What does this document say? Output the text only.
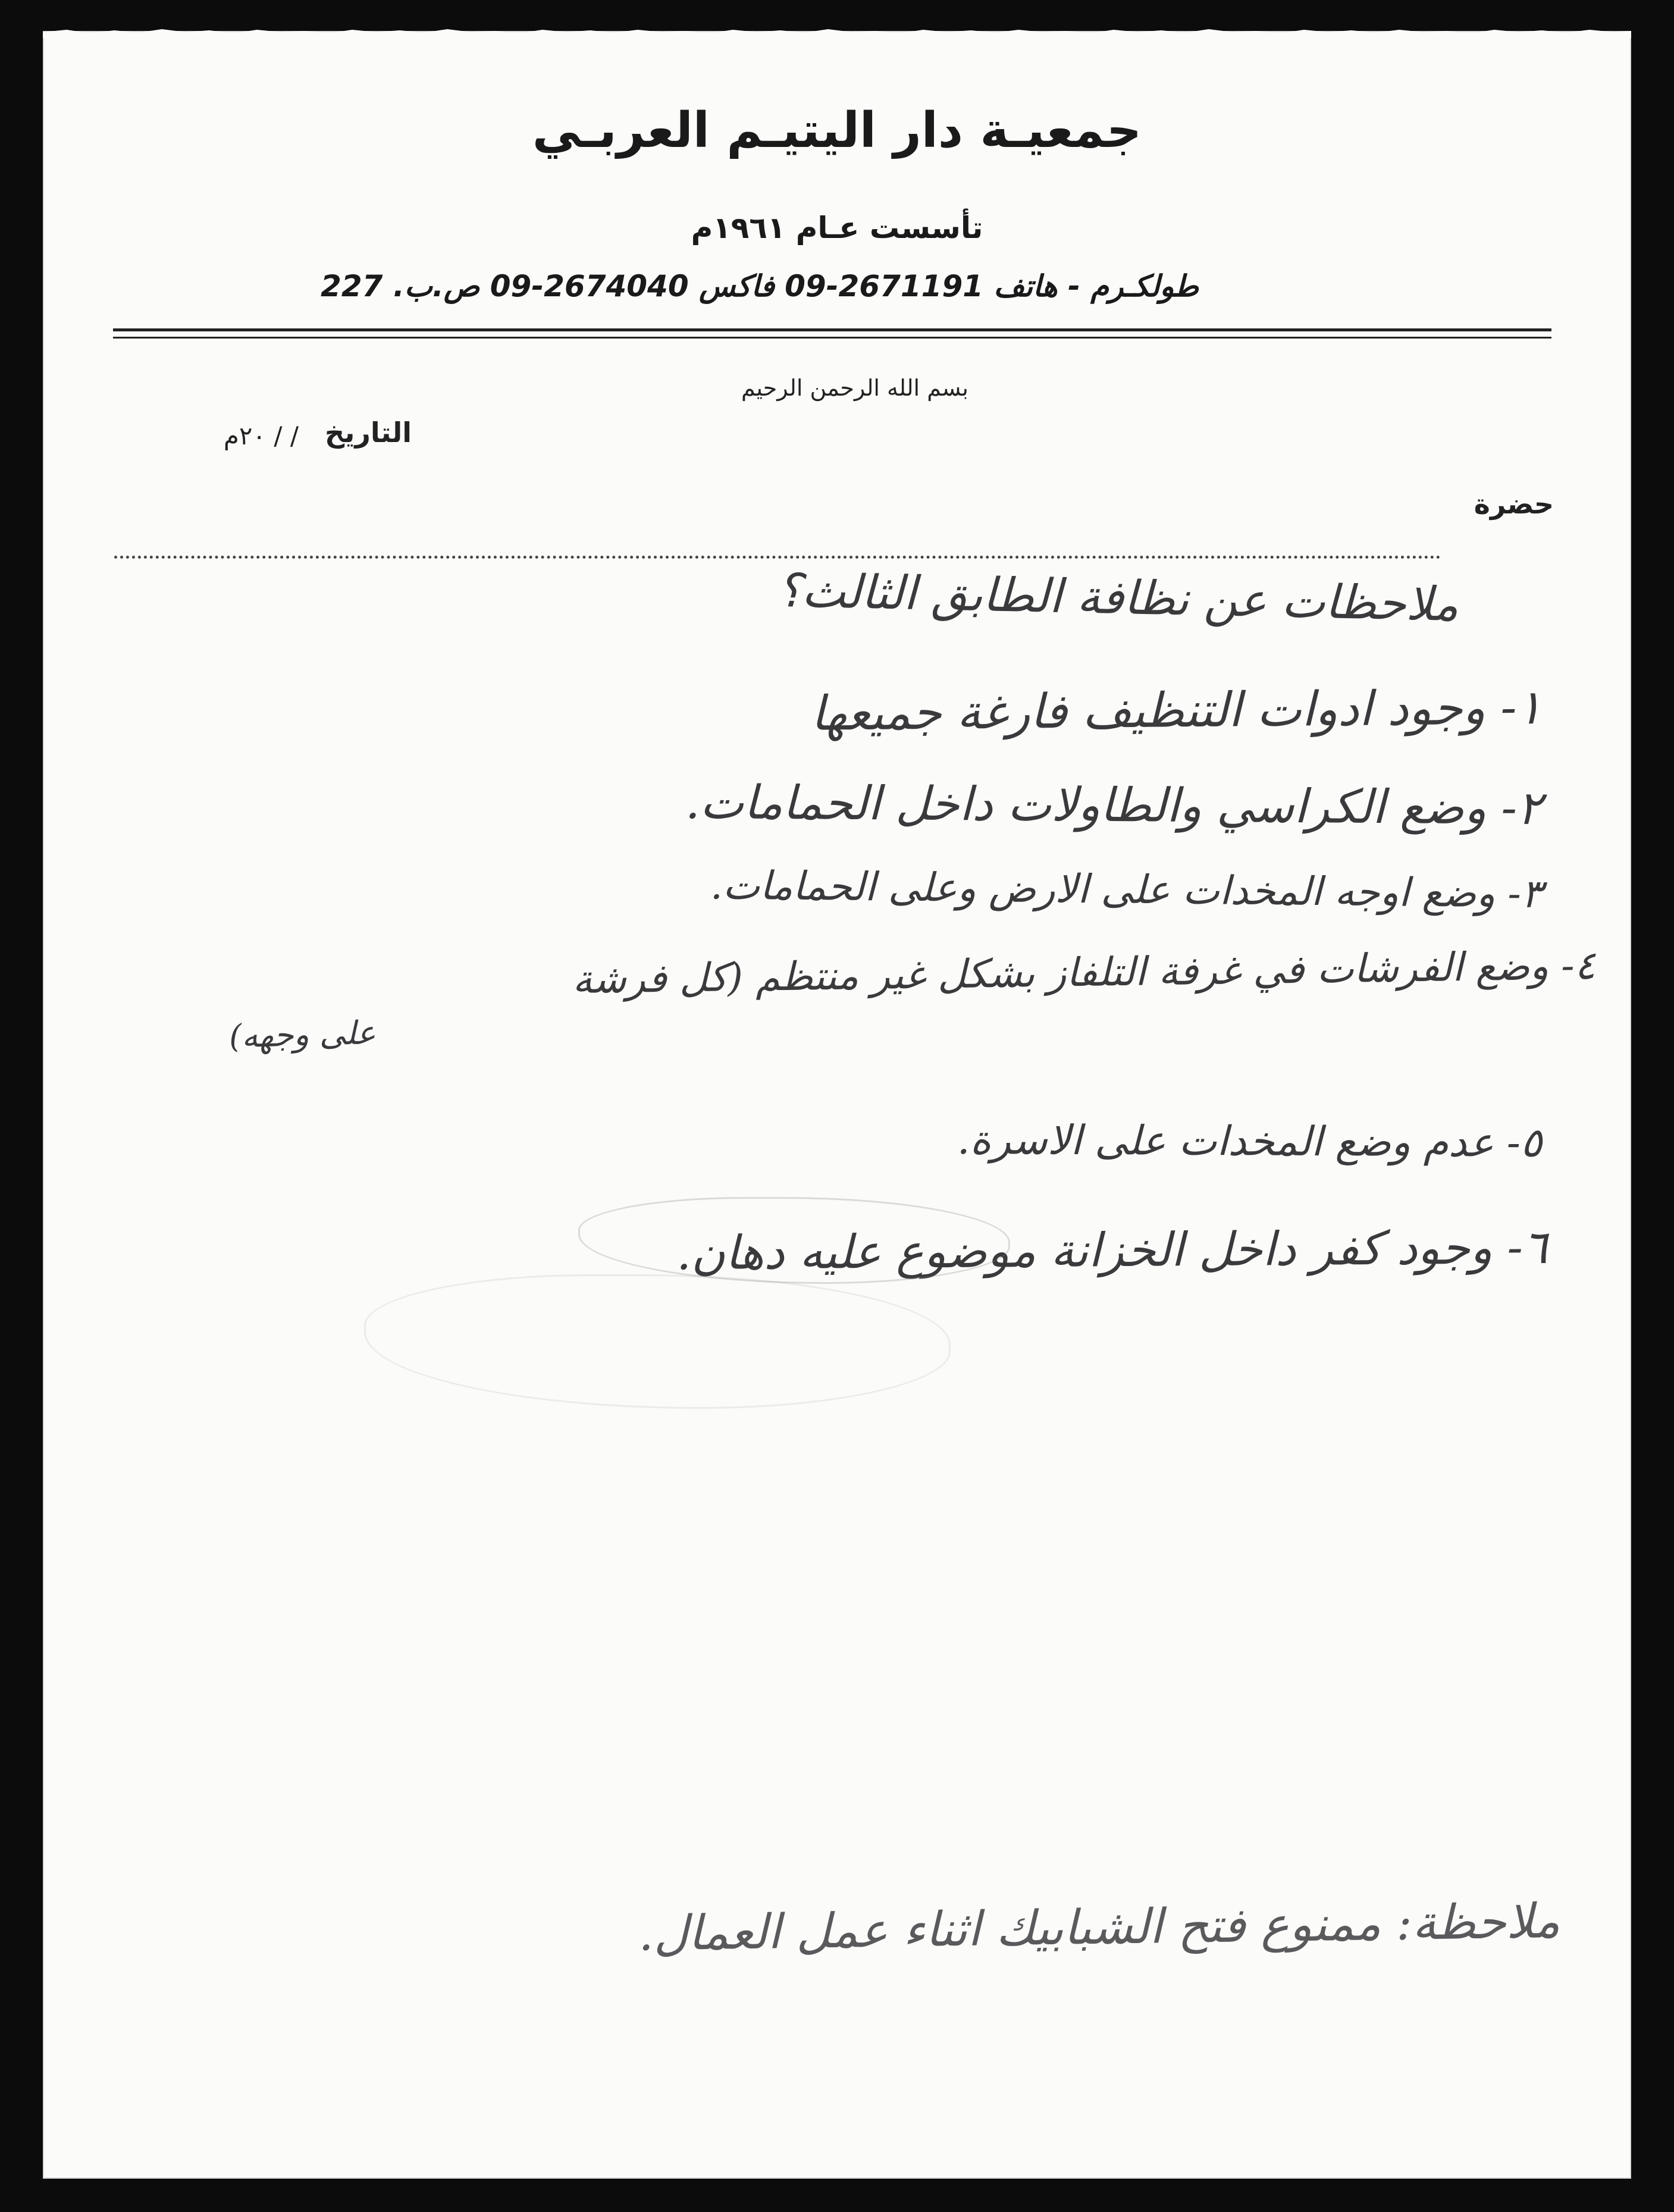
جمعيـة دار اليتيـم العربـي
تأسست عـام ١٩٦١م
طولكـرم - هاتف 2671191-09 فاكس 2674040-09 ص.ب. 227
بسم الله الرحمن الرحيم
التاريخ
/ / ٢٠م
حضرة
ملاحظات عن نظافة الطابق الثالث؟
١- وجود ادوات التنظيف فارغة جميعها
٢- وضع الكراسي والطاولات داخل الحمامات.
٣- وضع اوجه المخدات على الارض وعلى الحمامات.
٤- وضع الفرشات في غرفة التلفاز بشكل غير منتظم (كل فرشة
على وجهه)
٥- عدم وضع المخدات على الاسرة.
٦- وجود كفر داخل الخزانة موضوع عليه دهان.
ملاحظة: ممنوع فتح الشبابيك اثناء عمل العمال.
